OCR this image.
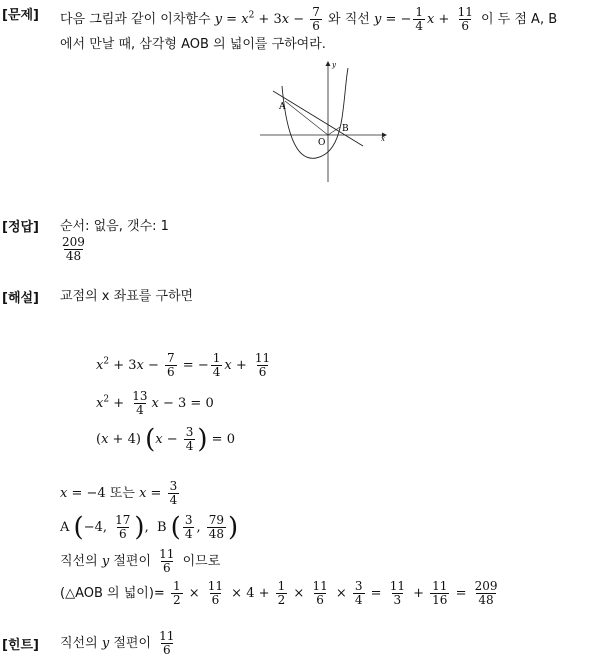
[문제] 다음 그림과 같이 이차함수 $y = x^2 + 3x - \frac{7}{6}$ 와 직선 y = − $\frac{1}{4}$ $x + \frac{11}{6}$ 이 두 점 A, B
에서 만날 때, 삼각형 AOB 의 넓이를 구하여라.
y
x
O
A
B
[정답] 순서: 없음, 갯수: 1
$\frac{209}{48}$
[해설] 교점의 x 좌표를 구하면
$x^2 + 3x - \frac{7}{6}$ = − $\frac{1}{4}$ $x + \frac{11}{6}$
$x^2 + \frac{13}{4}$ x − 3 = 0
(x + 4) ($x - \frac{3}{4}$ ) = 0
x = −4 또는 $x = \frac{3}{4}$
A (−4, $\frac{17}{6}$ ),  B ( $\frac{3}{4}$ , $\frac{79}{48}$ )
직선의 y 절편이 $\frac{11}{6}$ 이므로
(△AOB 의 넓이)= $\frac{1}{2} \times \frac{11}{6} \times 4 + \frac{1}{2} \times \frac{11}{6} \times \frac{3}{4} = \frac{11}{3} + \frac{11}{16} = \frac{209}{48}$
[힌트] 직선의 y 절편이 $\frac{11}{6}$
